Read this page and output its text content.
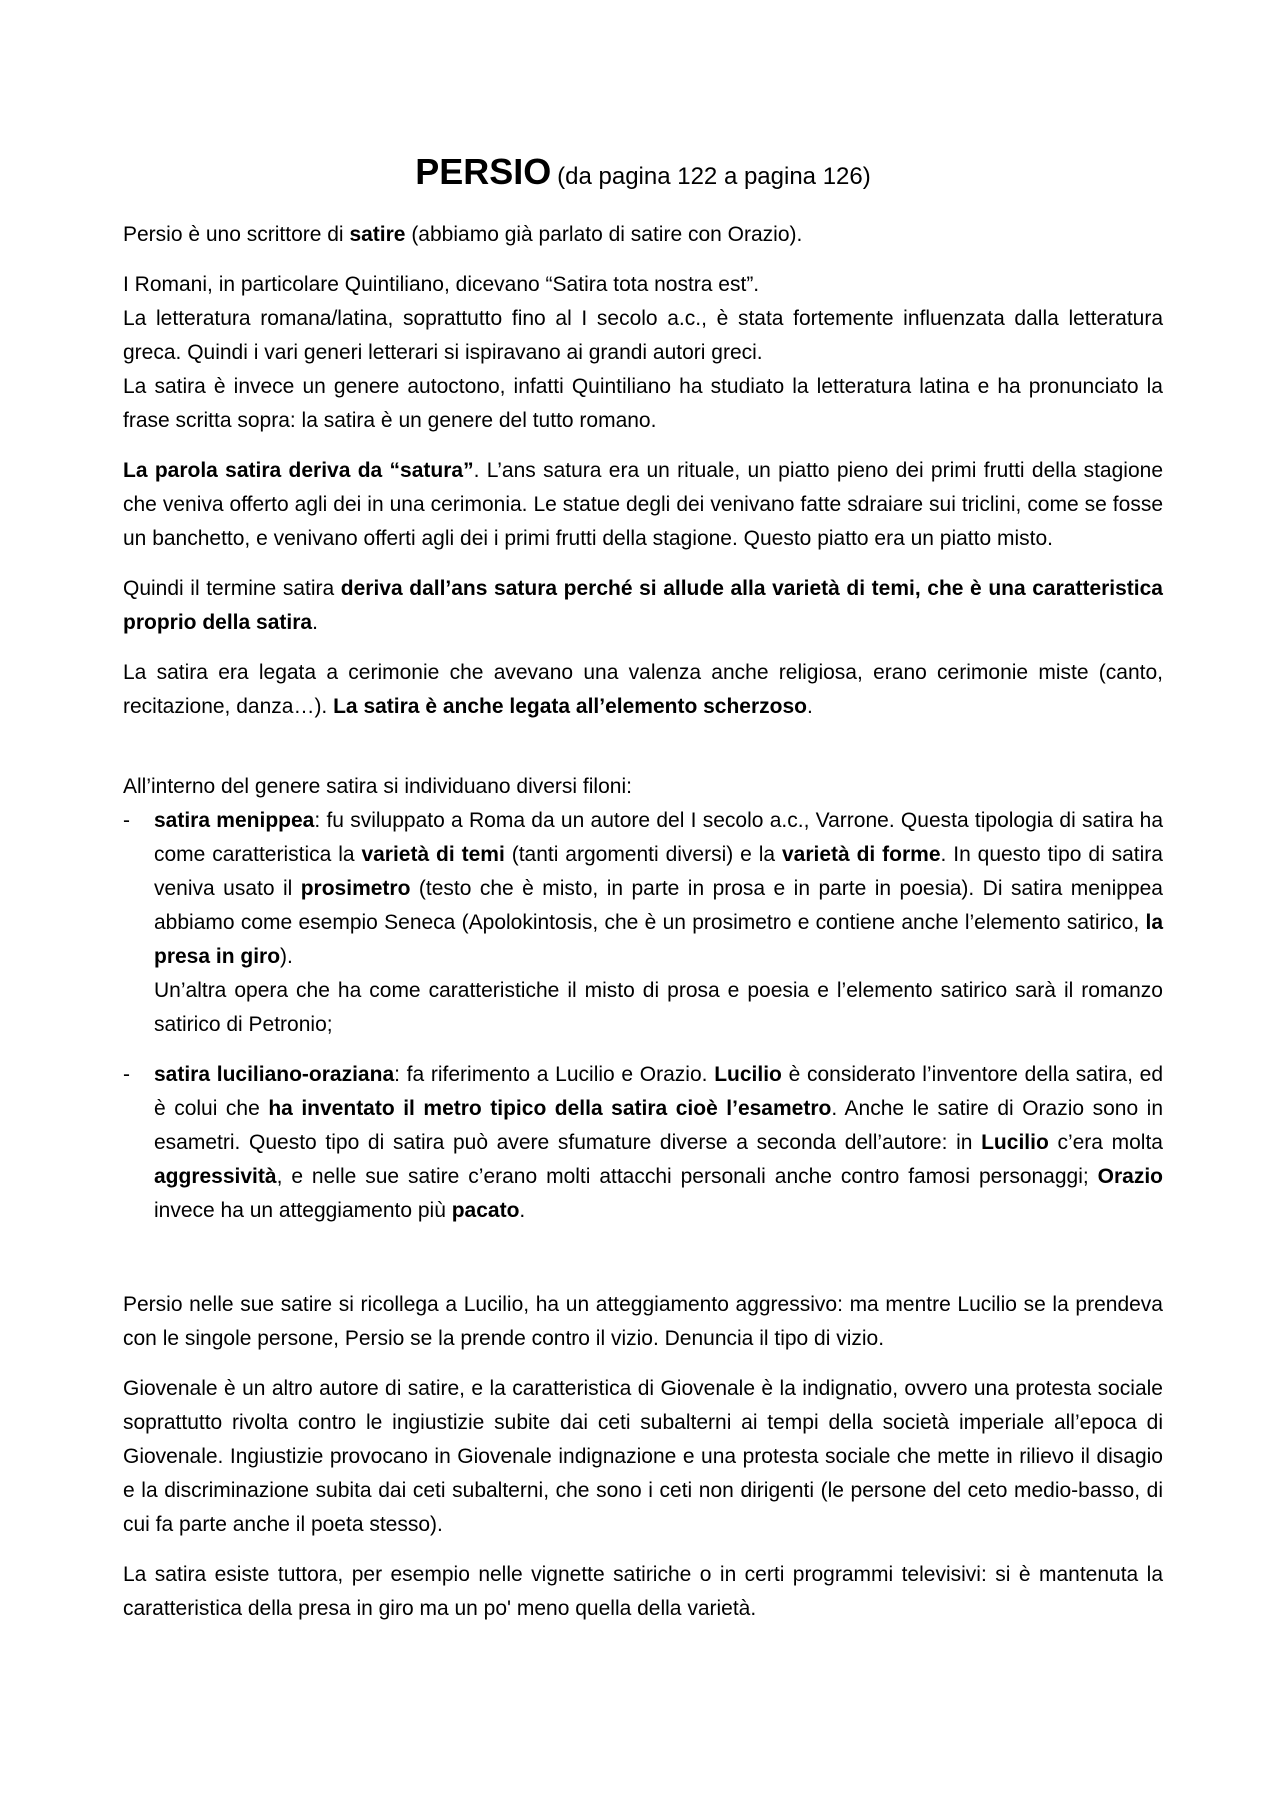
PERSIO (da pagina 122 a pagina 126)

Persio è uno scrittore di satire (abbiamo già parlato di satire con Orazio).

I Romani, in particolare Quintiliano, dicevano “Satira tota nostra est”.
La letteratura romana/latina, soprattutto fino al I secolo a.c., è stata fortemente influenzata dalla letteratura greca. Quindi i vari generi letterari si ispiravano ai grandi autori greci.
La satira è invece un genere autoctono, infatti Quintiliano ha studiato la letteratura latina e ha pronunciato la frase scritta sopra: la satira è un genere del tutto romano.

La parola satira deriva da “satura”. L’ans satura era un rituale, un piatto pieno dei primi frutti della stagione che veniva offerto agli dei in una cerimonia. Le statue degli dei venivano fatte sdraiare sui triclini, come se fosse un banchetto, e venivano offerti agli dei i primi frutti della stagione. Questo piatto era un piatto misto.

Quindi il termine satira deriva dall’ans satura perché si allude alla varietà di temi, che è una caratteristica proprio della satira.

La satira era legata a cerimonie che avevano una valenza anche religiosa, erano cerimonie miste (canto, recitazione, danza…). La satira è anche legata all’elemento scherzoso.

All’interno del genere satira si individuano diversi filoni:

- satira menippea: fu sviluppato a Roma da un autore del I secolo a.c., Varrone. Questa tipologia di satira ha come caratteristica la varietà di temi (tanti argomenti diversi) e la varietà di forme. In questo tipo di satira veniva usato il prosimetro (testo che è misto, in parte in prosa e in parte in poesia). Di satira menippea abbiamo come esempio Seneca (Apolokintosis, che è un prosimetro e contiene anche l’elemento satirico, la presa in giro).
Un’altra opera che ha come caratteristiche il misto di prosa e poesia e l’elemento satirico sarà il romanzo satirico di Petronio;
- satira luciliano-oraziana: fa riferimento a Lucilio e Orazio. Lucilio è considerato l’inventore della satira, ed è colui che ha inventato il metro tipico della satira cioè l’esametro. Anche le satire di Orazio sono in esametri. Questo tipo di satira può avere sfumature diverse a seconda dell’autore: in Lucilio c’era molta aggressività, e nelle sue satire c’erano molti attacchi personali anche contro famosi personaggi; Orazio invece ha un atteggiamento più pacato.

Persio nelle sue satire si ricollega a Lucilio, ha un atteggiamento aggressivo: ma mentre Lucilio se la prendeva con le singole persone, Persio se la prende contro il vizio. Denuncia il tipo di vizio.

Giovenale è un altro autore di satire, e la caratteristica di Giovenale è la indignatio, ovvero una protesta sociale soprattutto rivolta contro le ingiustizie subite dai ceti subalterni ai tempi della società imperiale all’epoca di Giovenale. Ingiustizie provocano in Giovenale indignazione e una protesta sociale che mette in rilievo il disagio e la discriminazione subita dai ceti subalterni, che sono i ceti non dirigenti (le persone del ceto medio-basso, di cui fa parte anche il poeta stesso).

La satira esiste tuttora, per esempio nelle vignette satiriche o in certi programmi televisivi: si è mantenuta la caratteristica della presa in giro ma un po' meno quella della varietà.
